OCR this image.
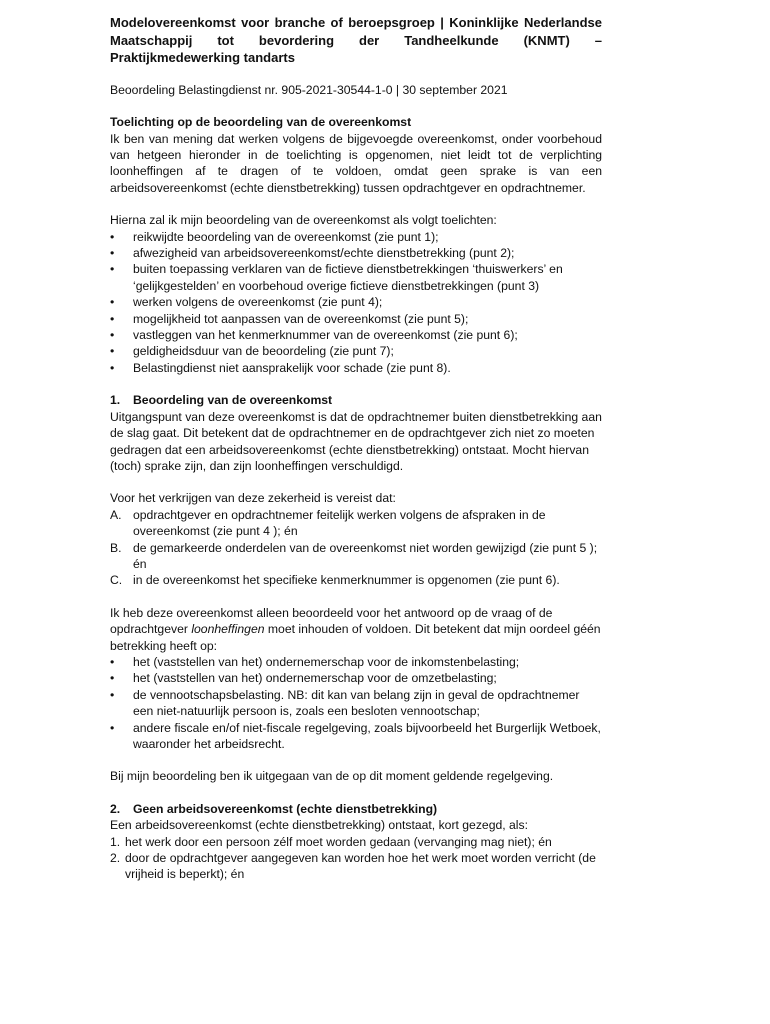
Modelovereenkomst voor branche of beroepsgroep | Koninklijke Nederlandse Maatschappij tot bevordering der Tandheelkunde (KNMT) – Praktijkmedewerking tandarts

Beoordeling Belastingdienst nr. 905-2021-30544-1-0 | 30 september 2021

Toelichting op de beoordeling van de overeenkomst

Ik ben van mening dat werken volgens de bijgevoegde overeenkomst, onder voorbehoud van hetgeen hieronder in de toelichting is opgenomen, niet leidt tot de verplichting loonheffingen af te dragen of te voldoen, omdat geen sprake is van een arbeidsovereenkomst (echte dienstbetrekking) tussen opdrachtgever en opdrachtnemer.

Hierna zal ik mijn beoordeling van de overeenkomst als volgt toelichten:

•	reikwijdte beoordeling van de overeenkomst (zie punt 1);
•	afwezigheid van arbeidsovereenkomst/echte dienstbetrekking (punt 2);
•	buiten toepassing verklaren van de fictieve dienstbetrekkingen ‘thuiswerkers’ en ‘gelijkgestelden’ en voorbehoud overige fictieve dienstbetrekkingen (punt 3)
•	werken volgens de overeenkomst (zie punt 4);
•	mogelijkheid tot aanpassen van de overeenkomst (zie punt 5);
•	vastleggen van het kenmerknummer van de overeenkomst (zie punt 6);
•	geldigheidsduur van de beoordeling (zie punt 7);
•	Belastingdienst niet aansprakelijk voor schade (zie punt 8).

1. Beoordeling van de overeenkomst

Uitgangspunt van deze overeenkomst is dat de opdrachtnemer buiten dienstbetrekking aan de slag gaat. Dit betekent dat de opdrachtnemer en de opdrachtgever zich niet zo moeten gedragen dat een arbeidsovereenkomst (echte dienstbetrekking) ontstaat. Mocht hiervan (toch) sprake zijn, dan zijn loonheffingen verschuldigd.

Voor het verkrijgen van deze zekerheid is vereist dat:

A. opdrachtgever en opdrachtnemer feitelijk werken volgens de afspraken in de overeenkomst (zie punt 4 ); én
B. de gemarkeerde onderdelen van de overeenkomst niet worden gewijzigd (zie punt 5 ); én
C. in de overeenkomst het specifieke kenmerknummer is opgenomen (zie punt 6).

Ik heb deze overeenkomst alleen beoordeeld voor het antwoord op de vraag of de opdrachtgever loonheffingen moet inhouden of voldoen. Dit betekent dat mijn oordeel géén betrekking heeft op:

•	het (vaststellen van het) ondernemerschap voor de inkomstenbelasting;
•	het (vaststellen van het) ondernemerschap voor de omzetbelasting;
•	de vennootschapsbelasting. NB: dit kan van belang zijn in geval de opdrachtnemer een niet-natuurlijk persoon is, zoals een besloten vennootschap;
•	andere fiscale en/of niet-fiscale regelgeving, zoals bijvoorbeeld het Burgerlijk Wetboek, waaronder het arbeidsrecht.

Bij mijn beoordeling ben ik uitgegaan van de op dit moment geldende regelgeving.

2. Geen arbeidsovereenkomst (echte dienstbetrekking)

Een arbeidsovereenkomst (echte dienstbetrekking) ontstaat, kort gezegd, als:

1. het werk door een persoon zélf moet worden gedaan (vervanging mag niet); én
2. door de opdrachtgever aangegeven kan worden hoe het werk moet worden verricht (de vrijheid is beperkt); én
